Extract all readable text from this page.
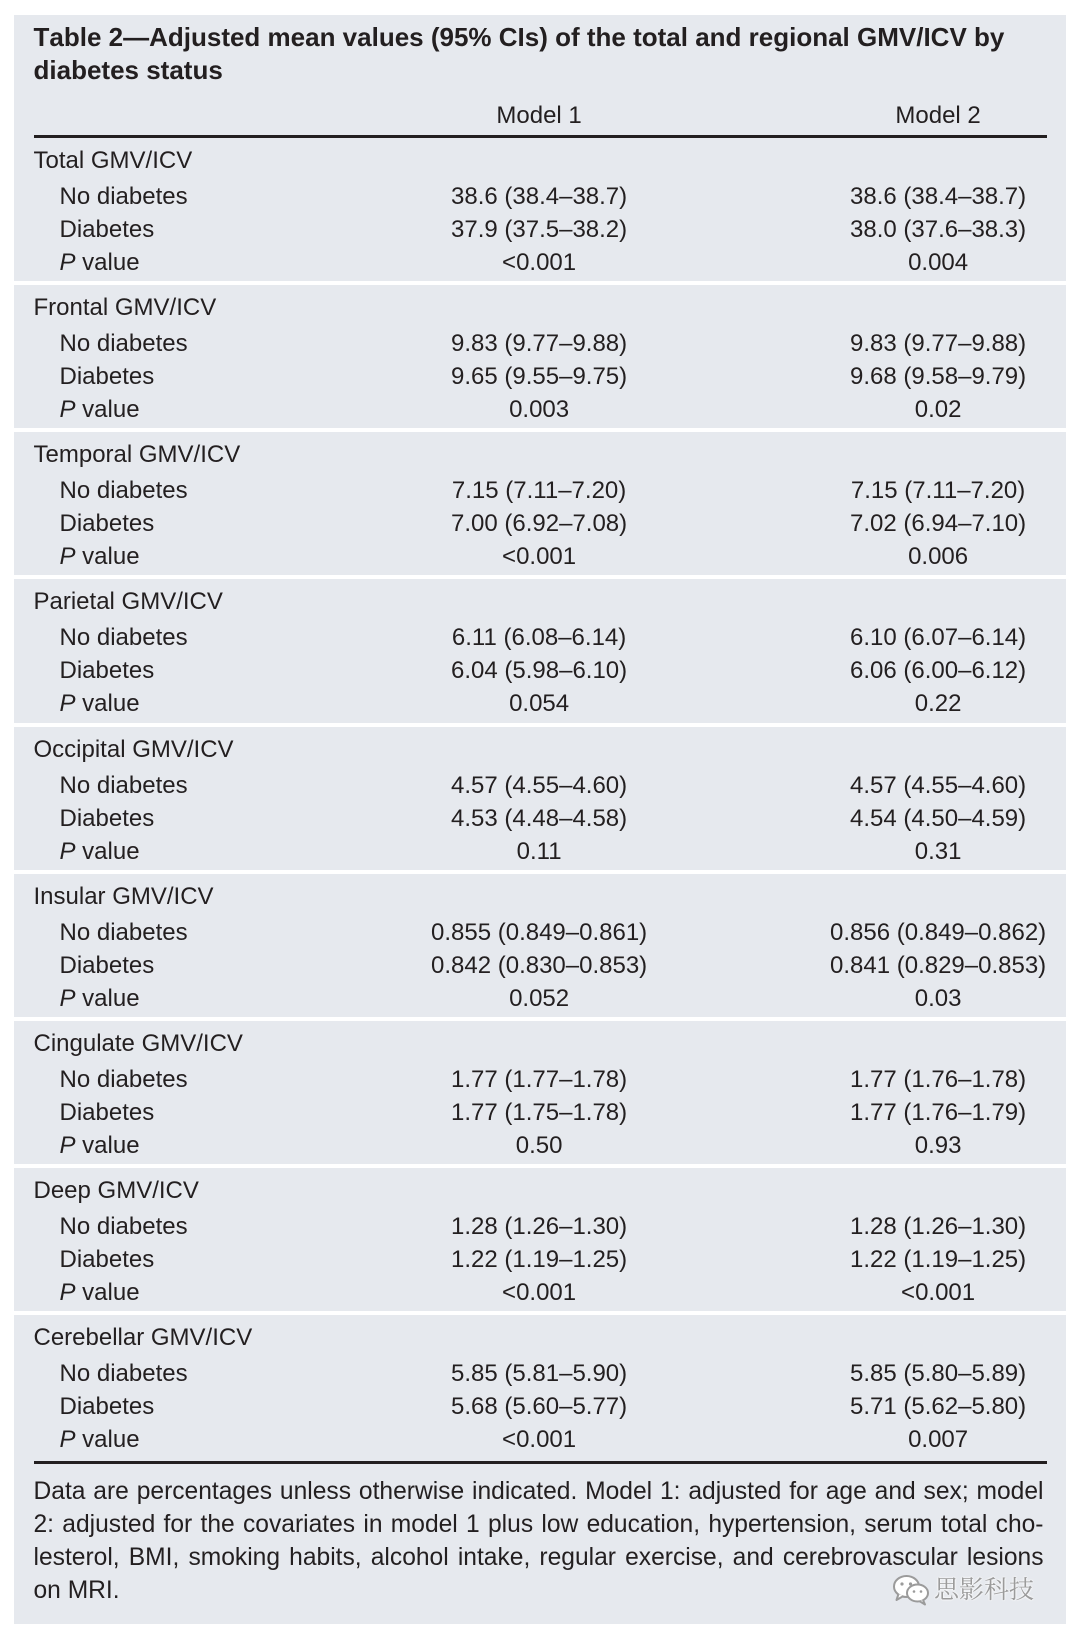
Table 2—Adjusted mean values (95% CIs) of the total and regional GMV/ICV by diabetes status
Model 1	Model 2
Total GMV/ICV
No diabetes	38.6 (38.4–38.7)	38.6 (38.4–38.7)
Diabetes	37.9 (37.5–38.2)	38.0 (37.6–38.3)
P value	<0.001	0.004
Frontal GMV/ICV
No diabetes	9.83 (9.77–9.88)	9.83 (9.77–9.88)
Diabetes	9.65 (9.55–9.75)	9.68 (9.58–9.79)
P value	0.003	0.02
Temporal GMV/ICV
No diabetes	7.15 (7.11–7.20)	7.15 (7.11–7.20)
Diabetes	7.00 (6.92–7.08)	7.02 (6.94–7.10)
P value	<0.001	0.006
Parietal GMV/ICV
No diabetes	6.11 (6.08–6.14)	6.10 (6.07–6.14)
Diabetes	6.04 (5.98–6.10)	6.06 (6.00–6.12)
P value	0.054	0.22
Occipital GMV/ICV
No diabetes	4.57 (4.55–4.60)	4.57 (4.55–4.60)
Diabetes	4.53 (4.48–4.58)	4.54 (4.50–4.59)
P value	0.11	0.31
Insular GMV/ICV
No diabetes	0.855 (0.849–0.861)	0.856 (0.849–0.862)
Diabetes	0.842 (0.830–0.853)	0.841 (0.829–0.853)
P value	0.052	0.03
Cingulate GMV/ICV
No diabetes	1.77 (1.77–1.78)	1.77 (1.76–1.78)
Diabetes	1.77 (1.75–1.78)	1.77 (1.76–1.79)
P value	0.50	0.93
Deep GMV/ICV
No diabetes	1.28 (1.26–1.30)	1.28 (1.26–1.30)
Diabetes	1.22 (1.19–1.25)	1.22 (1.19–1.25)
P value	<0.001	<0.001
Cerebellar GMV/ICV
No diabetes	5.85 (5.81–5.90)	5.85 (5.80–5.89)
Diabetes	5.68 (5.60–5.77)	5.71 (5.62–5.80)
P value	<0.001	0.007
Data are percentages unless otherwise indicated. Model 1: adjusted for age and sex; model 2: adjusted for the covariates in model 1 plus low education, hypertension, serum total cholesterol, BMI, smoking habits, alcohol intake, regular exercise, and cerebrovascular lesions on MRI.	思影科技
